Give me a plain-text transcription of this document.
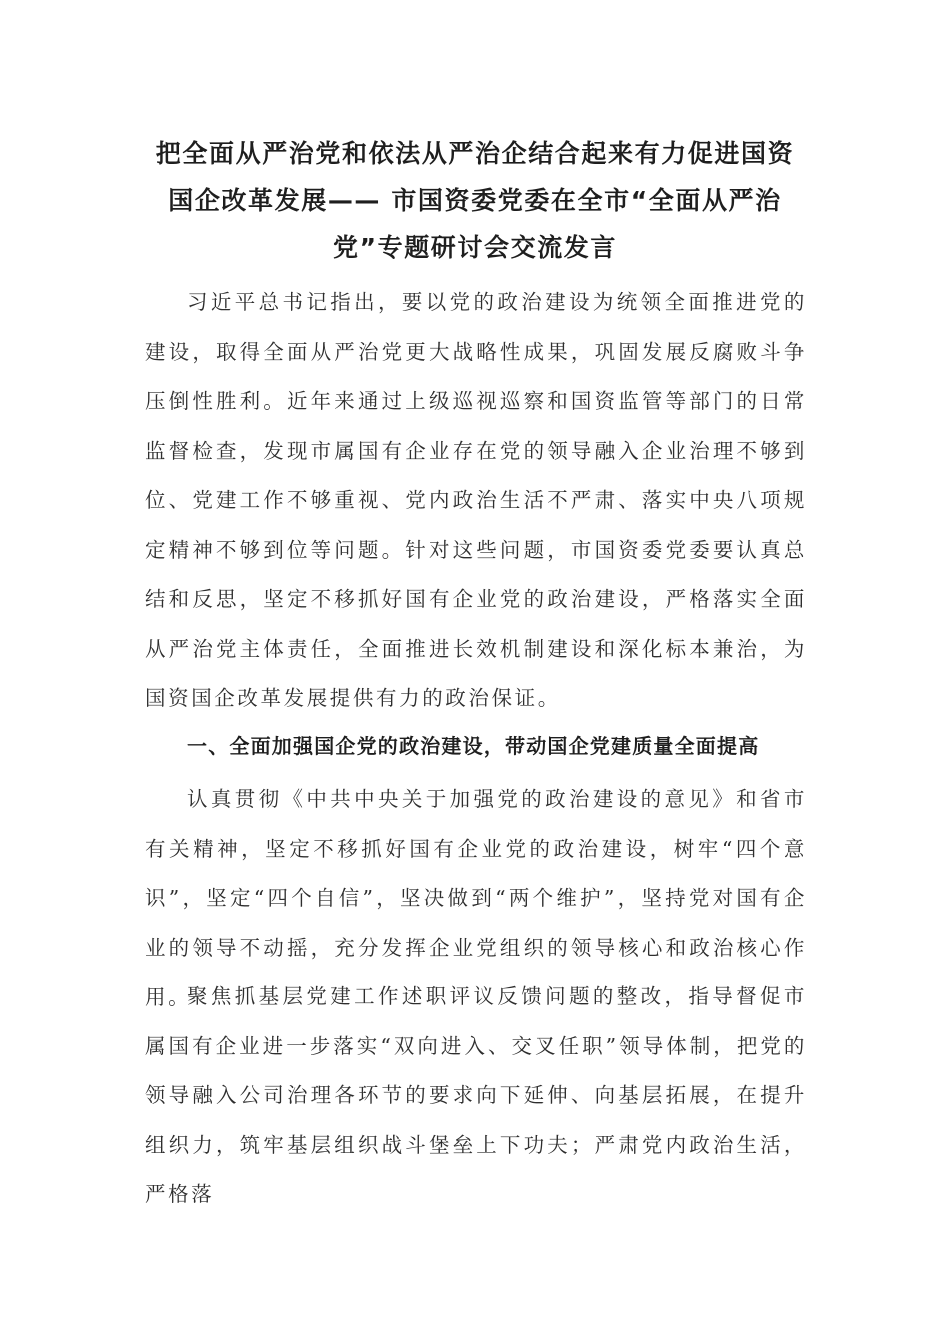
把全面从严治党和依法从严治企结合起来有力促进国资国企改革发展—— 市国资委党委在全市“全面从严治党”专题研讨会交流发言

习近平总书记指出，要以党的政治建设为统领全面推进党的建设，取得全面从严治党更大战略性成果，巩固发展反腐败斗争压倒性胜利。近年来通过上级巡视巡察和国资监管等部门的日常监督检查，发现市属国有企业存在党的领导融入企业治理不够到位、党建工作不够重视、党内政治生活不严肃、落实中央八项规定精神不够到位等问题。针对这些问题，市国资委党委要认真总结和反思，坚定不移抓好国有企业党的政治建设，严格落实全面从严治党主体责任，全面推进长效机制建设和深化标本兼治，为国资国企改革发展提供有力的政治保证。

一、全面加强国企党的政治建设，带动国企党建质量全面提高

认真贯彻《中共中央关于加强党的政治建设的意见》和省市有关精神，坚定不移抓好国有企业党的政治建设，树牢“四个意识”，坚定“四个自信”，坚决做到“两个维护”，坚持党对国有企业的领导不动摇，充分发挥企业党组织的领导核心和政治核心作用。

聚焦抓基层党建工作述职评议反馈问题的整改，指导督促市属国有企业进一步落实“双向进入、交叉任职”领导体制，把党的领导融入公司治理各环节的要求向下延伸、向基层拓展，在提升组织力，筑牢基层组织战斗堡垒上下功夫；严肃党内政治生活，严格落
